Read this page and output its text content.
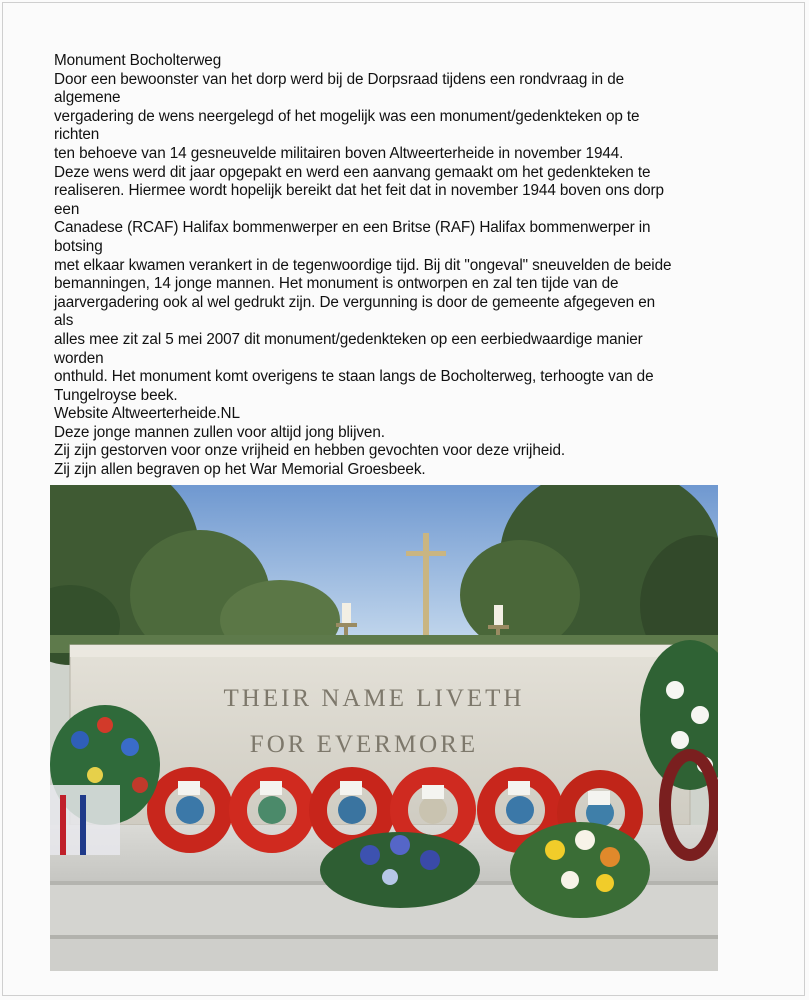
Monument Bocholterweg
Door een bewoonster van het dorp werd bij de Dorpsraad tijdens een rondvraag in de
algemene
vergadering de wens neergelegd of het mogelijk was een monument/gedenkteken op te
richten
ten behoeve van 14 gesneuvelde militairen boven Altweerterheide in november 1944.
Deze wens werd dit jaar opgepakt en werd een aanvang gemaakt om het gedenkteken te
realiseren. Hiermee wordt hopelijk bereikt dat het feit dat in november 1944 boven ons dorp
een
Canadese (RCAF) Halifax bommenwerper en een Britse (RAF) Halifax bommenwerper in
botsing
met elkaar kwamen verankert in de tegenwoordige tijd. Bij dit "ongeval" sneuvelden de beide
bemanningen, 14 jonge mannen. Het monument is ontworpen en zal ten tijde van de
jaarvergadering ook al wel gedrukt zijn. De vergunning is door de gemeente afgegeven en
als
alles mee zit zal 5 mei 2007 dit monument/gedenkteken op een eerbiedwaardige manier
worden
onthuld. Het monument komt overigens te staan langs de Bocholterweg, terhoogte van de
Tungelroyse beek.
Website Altweerterheide.NL
Deze jonge mannen zullen voor altijd jong blijven.
Zij zijn gestorven voor onze vrijheid en hebben gevochten voor deze vrijheid.
Zij zijn allen begraven op het War Memorial Groesbeek.
THEIR NAME LIVETH
FOR EVERMORE
